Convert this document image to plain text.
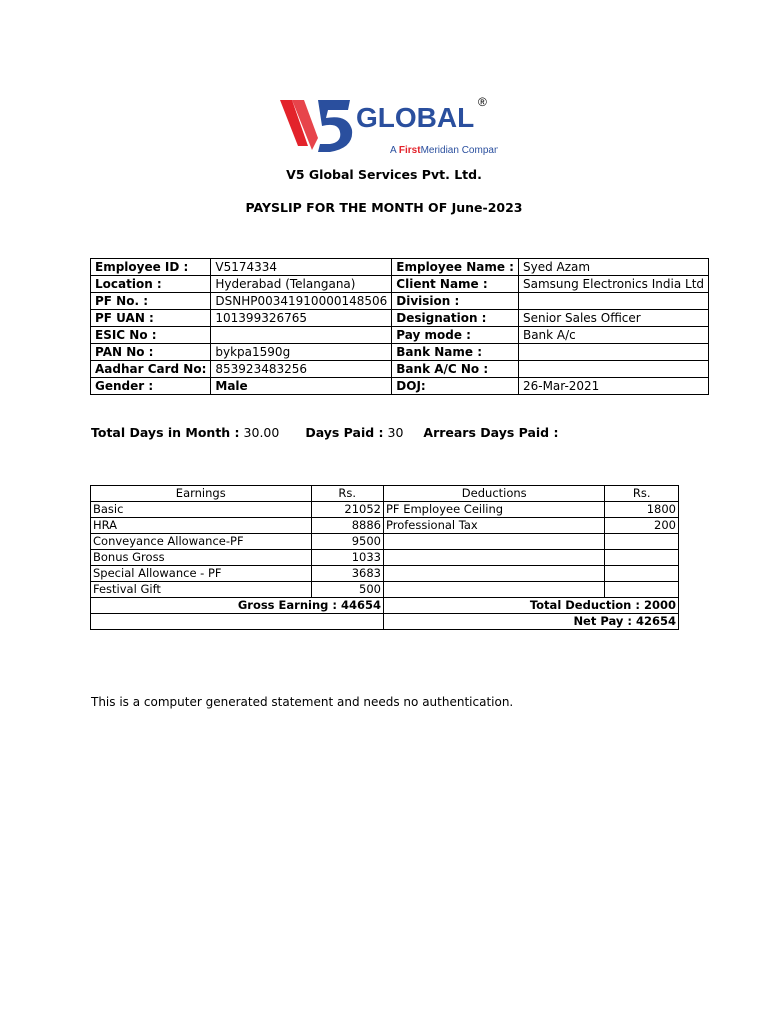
GLOBAL ®
A FirstMeridian Company
V5 Global Services Pvt. Ltd.
PAYSLIP FOR THE MONTH OF June-2023
Employee ID :	V5174334	Employee Name :	Syed Azam
Location :	Hyderabad (Telangana)	Client Name :	Samsung Electronics India Ltd
PF No. :	DSNHP00341910000148506	Division :	
PF UAN :	101399326765	Designation :	Senior Sales Officer
ESIC No :		Pay mode :	Bank A/c
PAN No :	bykpa1590g	Bank Name :	
Aadhar Card No:	853923483256	Bank A/C No :	
Gender :	Male	DOJ:	26-Mar-2021
Total Days in Month : 30.00 Days Paid : 30 Arrears Days Paid :
Earnings	Rs.	Deductions	Rs.
Basic	21052	PF Employee Ceiling	1800
HRA	8886	Professional Tax	200
Conveyance Allowance-PF	9500		
Bonus Gross	1033		
Special Allowance - PF	3683		
Festival Gift	500		
Gross Earning : 44654		Total Deduction : 2000	
		Net Pay : 42654	
This is a computer generated statement and needs no authentication.
